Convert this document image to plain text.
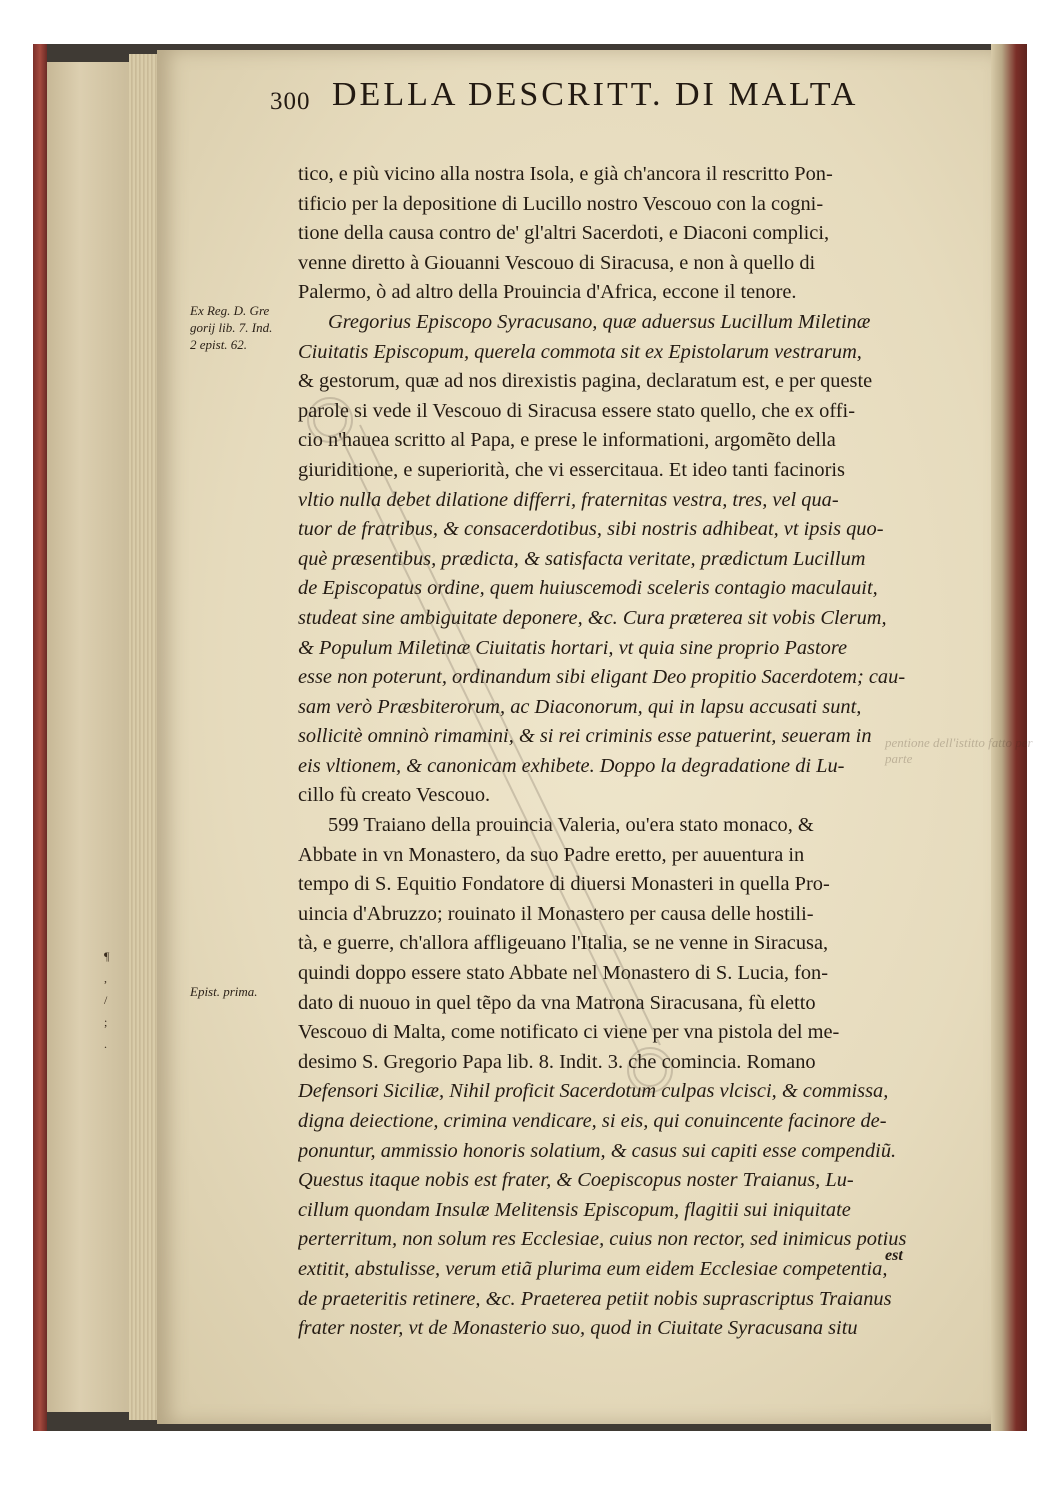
300 DELLA DESCRITT. DI MALTA
Ex Reg. D. Gre
gorij lib. 7. Ind.
2 epist. 62.
Epist. prima.
¶
,
/
;
.
tico, e più vicino alla nostra Isola, e già ch'ancora il rescritto Pon-
tificio per la depositione di Lucillo nostro Vescouo con la cogni-
tione della causa contro de' gl'altri Sacerdoti, e Diaconi complici,
venne diretto à Giouanni Vescouo di Siracusa, e non à quello di
Palermo, ò ad altro della Prouincia d'Africa, eccone il tenore.
Gregorius Episcopo Syracusano, quæ aduersus Lucillum Miletinæ
Ciuitatis Episcopum, querela commota sit ex Epistolarum vestrarum,
& gestorum, quæ ad nos direxistis pagina, declaratum est, e per queste
parole si vede il Vescouo di Siracusa essere stato quello, che ex offi-
cio n'hauea scritto al Papa, e prese le informationi, argomẽto della
giuriditione, e superiorità, che vi essercitaua. Et ideo tanti facinoris
vltio nulla debet dilatione differri, fraternitas vestra, tres, vel qua-
tuor de fratribus, & consacerdotibus, sibi nostris adhibeat, vt ipsis quo-
què præsentibus, prædicta, & satisfacta veritate, prædictum Lucillum
de Episcopatus ordine, quem huiuscemodi sceleris contagio maculauit,
studeat sine ambiguitate deponere, &c. Cura præterea sit vobis Clerum,
& Populum Miletinæ Ciuitatis hortari, vt quia sine proprio Pastore
esse non poterunt, ordinandum sibi eligant Deo propitio Sacerdotem; cau-
sam verò Præsbiterorum, ac Diaconorum, qui in lapsu accusati sunt,
sollicitè omninò rimamini, & si rei criminis esse patuerint, seueram in
eis vltionem, & canonicam exhibete. Doppo la degradatione di Lu-
cillo fù creato Vescouo.
599 Traiano della prouincia Valeria, ou'era stato monaco, &
Abbate in vn Monastero, da suo Padre eretto, per auuentura in
tempo di S. Equitio Fondatore di diuersi Monasteri in quella Pro-
uincia d'Abruzzo; rouinato il Monastero per causa delle hostili-
tà, e guerre, ch'allora affligeuano l'Italia, se ne venne in Siracusa,
quindi doppo essere stato Abbate nel Monastero di S. Lucia, fon-
dato di nuouo in quel tẽpo da vna Matrona Siracusana, fù eletto
Vescouo di Malta, come notificato ci viene per vna pistola del me-
desimo S. Gregorio Papa lib. 8. Indit. 3. che comincia. Romano
Defensori Siciliæ, Nihil proficit Sacerdotum culpas vlcisci, & commissa,
digna deiectione, crimina vendicare, si eis, qui conuincente facinore de-
ponuntur, ammissio honoris solatium, & casus sui capiti esse compendiũ.
Questus itaque nobis est frater, & Coepiscopus noster Traianus, Lu-
cillum quondam Insulæ Melitensis Episcopum, flagitii sui iniquitate
perterritum, non solum res Ecclesiae, cuius non rector, sed inimicus potius
extitit, abstulisse, verum etiã plurima eum eidem Ecclesiae competentia,
de praeteritis retinere, &c. Praeterea petiit nobis suprascriptus Traianus
frater noster, vt de Monasterio suo, quod in Ciuitate Syracusana situ
pentione dell'istitto fatto per parte
est
